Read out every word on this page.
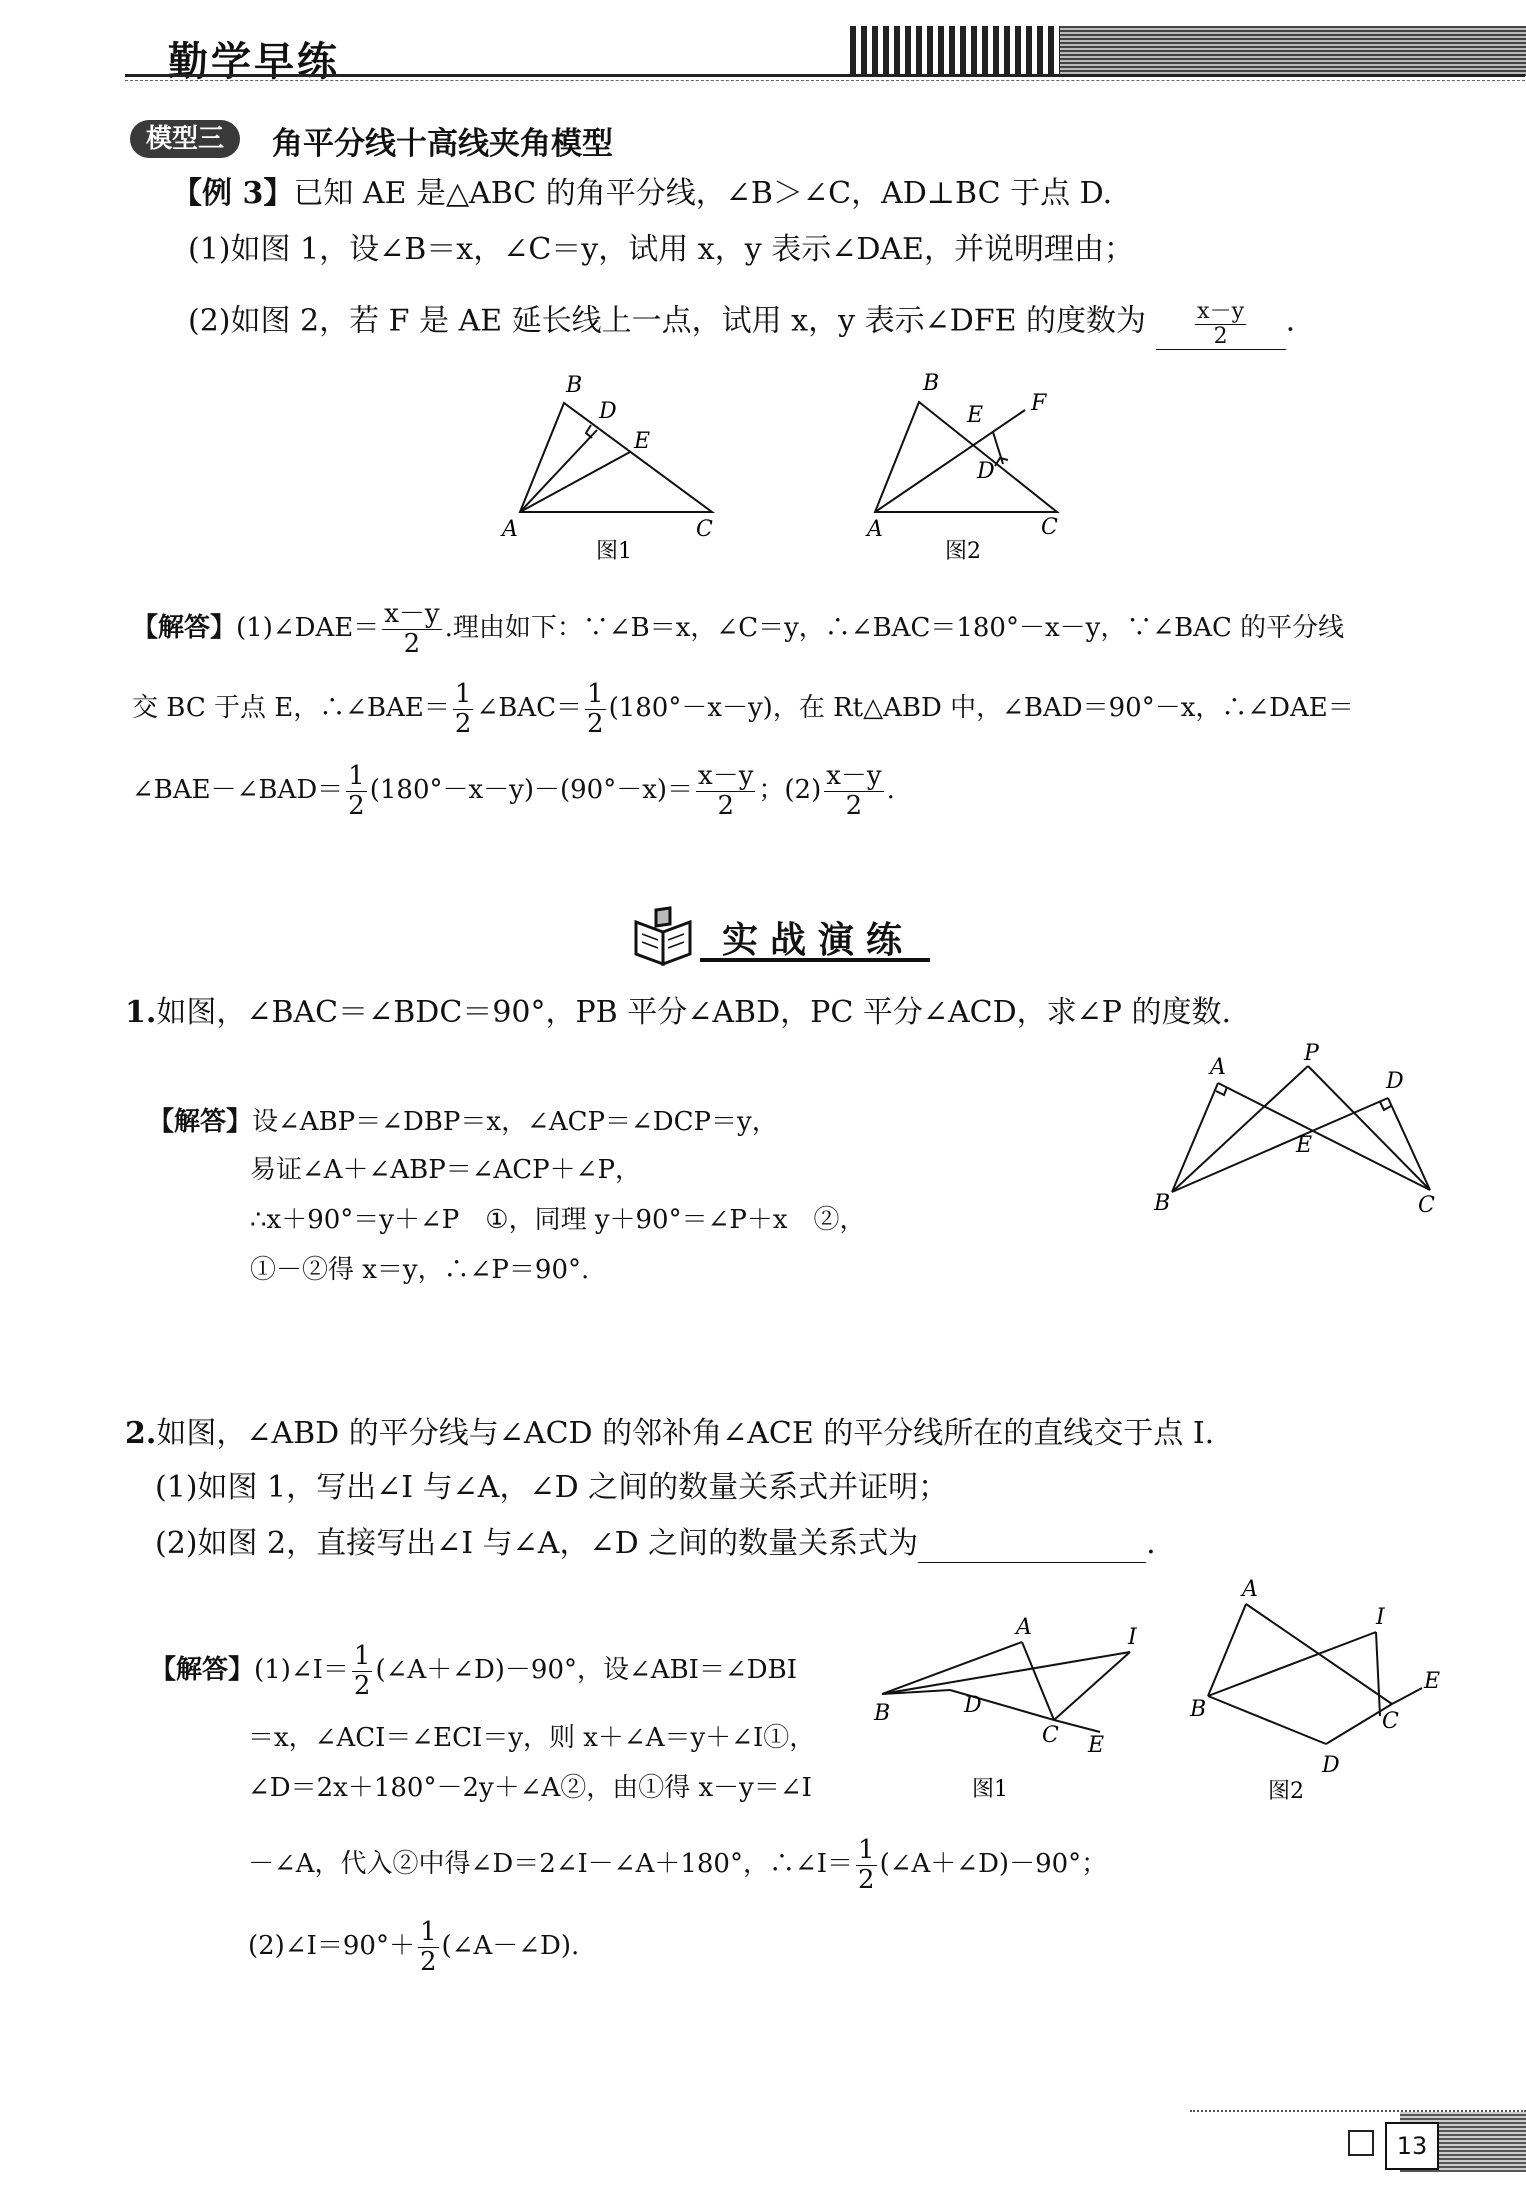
勤学早练
模型三	角平分线十高线夹角模型
【例 3】已知 AE 是△ABC 的角平分线，∠B＞∠C，AD⊥BC 于点 D.
(1)如图 1，设∠B＝x，∠C＝y，试用 x，y 表示∠DAE，并说明理由；
(2)如图 2，若 F 是 AE 延长线上一点，试用 x，y 表示∠DFE 的度数为 $\frac{x-y}{2}$ .
B
D
E
A	C
图1
B
E F
D
A	C
图2
【解答】(1)∠DAE＝ $\frac{x-y}{2}$ .理由如下：∵∠B＝x，∠C＝y，∴∠BAC＝180°－x－y，∵∠BAC 的平分线
交 BC 于点 E，∴∠BAE＝ $\frac{1}{2}$ ∠BAC＝ $\frac{1}{2} (180^\circ-x-y)$，在 Rt△ABD 中，∠BAD＝90°－x，∴∠DAE＝
∠BAE－∠BAD＝ $\frac{1}{2} (180^\circ-x-y)-(90^\circ-x)= \frac{x-y}{2}$ ；$(2) \frac{x-y}{2}$ .
实战演练
1.如图，∠BAC＝∠BDC＝90°，PB 平分∠ABD，PC 平分∠ACD，求∠P 的度数.
A
P
D
E
B	C
【解答】设∠ABP＝∠DBP＝x，∠ACP＝∠DCP＝y，
易证∠A＋∠ABP＝∠ACP＋∠P，
∴x＋90°＝y＋∠P　①，同理 y＋90°＝∠P＋x　②，
①－②得 x＝y，∴∠P＝90°.
2.如图，∠ABD 的平分线与∠ACD 的邻补角∠ACE 的平分线所在的直线交于点 I.
(1)如图 1，写出∠I 与∠A，∠D 之间的数量关系式并证明；
(2)如图 2，直接写出∠I 与∠A，∠D 之间的数量关系式为	.
A	I
B	D
C E
图1
A
I
B
E
C
D
图2
【解答】(1)∠I＝ $\frac{1}{2}$ (∠A＋∠D)－90°，设∠ABI＝∠DBI
＝x，∠ACI＝∠ECI＝y，则 x＋∠A＝y＋∠I①，
∠D＝2x＋180°－2y＋∠A②，由①得 x－y＝∠I
－∠A，代入②中得∠D＝2∠I－∠A＋180°，∴∠I＝ $\frac{1}{2}$ (∠A＋∠D)－90°；
(2)∠I＝90°＋ $\frac{1}{2}$ (∠A－∠D).
13
